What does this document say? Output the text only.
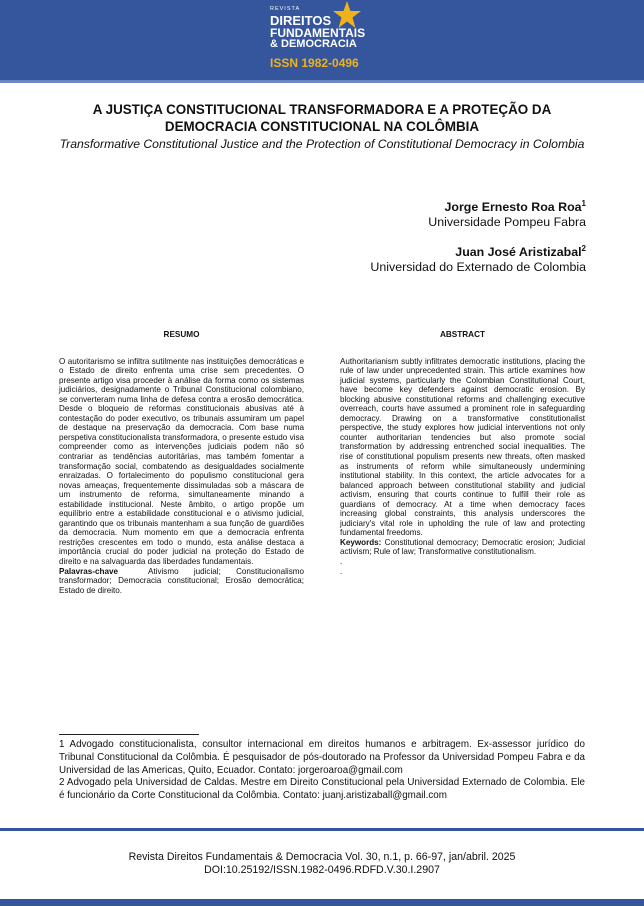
REVISTA
DIREITOS
FUNDAMENTAIS
& DEMOCRACIA
ISSN 1982-0496
A JUSTIÇA CONSTITUCIONAL TRANSFORMADORA E A PROTEÇÃO DA
DEMOCRACIA CONSTITUCIONAL NA COLÔMBIA

Transformative Constitutional Justice and the Protection of Constitutional Democracy in Colombia

Jorge Ernesto Roa Roa$^1$
Universidade Pompeu Fabra
Juan José Aristizabal$^2$
Universidad do Externado de Colombia
RESUMO

O autoritarismo se infiltra sutilmente nas instituições democráticas e o Estado de direito enfrenta uma crise sem precedentes. O presente artigo visa proceder à análise da forma como os sistemas judiciários, designadamente o Tribunal Constitucional colombiano, se converteram numa linha de defesa contra a erosão democrática. Desde o bloqueio de reformas constitucionais abusivas até à contestação do poder executivo, os tribunais assumiram um papel de destaque na preservação da democracia. Com base numa perspetiva constitucionalista transformadora, o presente estudo visa compreender como as intervenções judiciais podem não só contrariar as tendências autoritárias, mas também fomentar a transformação social, combatendo as desigualdades socialmente enraizadas. O fortalecimento do populismo constitucional gera novas ameaças, frequentemente dissimuladas sob a máscara de um instrumento de reforma, simultaneamente minando a estabilidade institucional. Neste âmbito, o artigo propõe um equilíbrio entre a estabilidade constitucional e o ativismo judicial, garantindo que os tribunais mantenham a sua função de guardiões da democracia. Num momento em que a democracia enfrenta restrições crescentes em todo o mundo, esta análise destaca a importância crucial do poder judicial na proteção do Estado de direito e na salvaguarda das liberdades fundamentais.

Palavras-chave	Ativismo judicial; Constitucionalismo transformador; Democracia constitucional; Erosão democrática; Estado de direito.

ABSTRACT

Authoritarianism subtly infiltrates democratic institutions, placing the rule of law under unprecedented strain. This article examines how judicial systems, particularly the Colombian Constitutional Court, have become key defenders against democratic erosion. By blocking abusive constitutional reforms and challenging executive overreach, courts have assumed a prominent role in safeguarding democracy. Drawing on a transformative constitutionalist perspective, the study explores how judicial interventions not only counter authoritarian tendencies but also promote social transformation by addressing entrenched social inequalities. The rise of constitutional populism presents new threats, often masked as instruments of reform while simultaneously undermining institutional stability. In this context, the article advocates for a balanced approach between constitutional stability and judicial activism, ensuring that courts continue to fulfill their role as guardians of democracy. At a time when democracy faces increasing global constraints, this analysis underscores the judiciary's vital role in upholding the rule of law and protecting fundamental freedoms.

Keywords: Constitutional democracy; Democratic erosion; Judicial activism; Rule of law; Transformative constitutionalism.

.

.

1 Advogado constitucionalista, consultor internacional em direitos humanos e arbitragem. Ex-assessor jurídico do Tribunal Constitucional da Colômbia. É pesquisador de pós-doutorado na Professor da Universidad Pompeu Fabra e da Universidad de las Americas, Quito, Ecuador. Contato: jorgeroaroa@gmail.com

2 Advogado pela Universidad de Caldas. Mestre em Direito Constitucional pela Universidad Externado de Colombia. Ele é funcionário da Corte Constitucional da Colômbia. Contato: juanj.aristizaball@gmail.com

Revista Direitos Fundamentais & Democracia Vol. 30, n.1, p. 66-97, jan/abril. 2025
DOI:10.25192/ISSN.1982-0496.RDFD.V.30.I.2907
